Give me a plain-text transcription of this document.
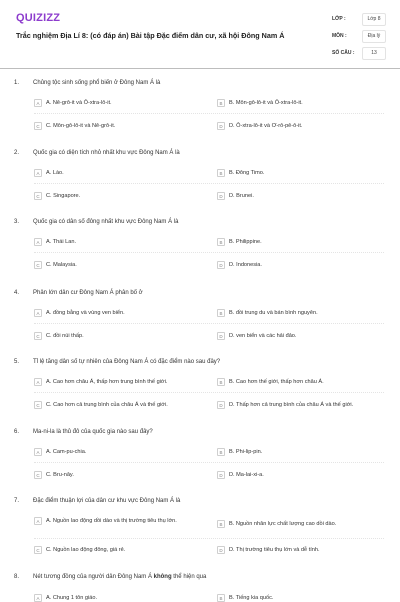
QUIZIZZ
Trắc nghiệm Địa Lí 8: (có đáp án) Bài tập Đặc điểm dân cư, xã hội Đông Nam Á
LỚP :	Lớp 8
MÔN :	Địa lý
SỐ CÂU :	13
1. Chủng tộc sinh sống phổ biến ở Đông Nam Á là
A	A. Nê-grô-it và Ô-xtra-lô-it.	B	B. Môn-gô-lô-it và Ô-xtra-lô-it.
C	C. Môn-gô-lô-it và Nê-grô-it.	D	D. Ô-xtra-lô-it và Ơ-rô-pê-ô-it.
2. Quốc gia có diện tích nhỏ nhất khu vực Đông Nam Á là
A	A. Lào.	B	B. Đông Timo.
C	C. Singapore.	D	D. Brunei.
3. Quốc gia có dân số đông nhất khu vực Đông Nam Á là
A	A. Thái Lan.	B	B. Philippine.
C	C. Malaysia.	D	D. Indonesia.
4. Phân lớn dân cư Đông Nam Á phân bố ở
A	A. đồng bằng và vùng ven biển.	B	B. đồi trung du và bán bình nguyên.
C	C. đồi núi thấp.	D	D. ven biển và các hải đảo.
5. Tỉ lệ tăng dân số tự nhiên của Đông Nam Á có đặc điểm nào sau đây?
A	A. Cao hơn châu Á, thấp hơn trung bình thế giới.	B	B. Cao hơn thế giới, thấp hơn châu Á.
C	C. Cao hơn cả trung bình của châu Á và thế giới.	D	D. Thấp hơn cả trung bình của châu Á và thế giới.
6. Ma-ni-la là thủ đô của quốc gia nào sau đây?
A	A. Cam-pu-chia.	B	B. Phi-lip-pin.
C	C. Bru-nây.	D	D. Ma-lai-xi-a.
7. Đặc điểm thuận lợi của dân cư khu vực Đông Nam Á là
A	A. Nguồn lao động dồi dào và thị trường tiêu thụ lớn.	B	B. Nguồn nhân lực chất lượng cao dồi dào.
C	C. Nguồn lao động đông, giá rẻ.	D	D. Thị trường tiêu thụ lớn và dễ tính.
8. Nét tương đồng của người dân Đông Nam Á không thể hiện qua
A	A. Chung 1 tôn giáo.	B	B. Tiếng kia quốc.
